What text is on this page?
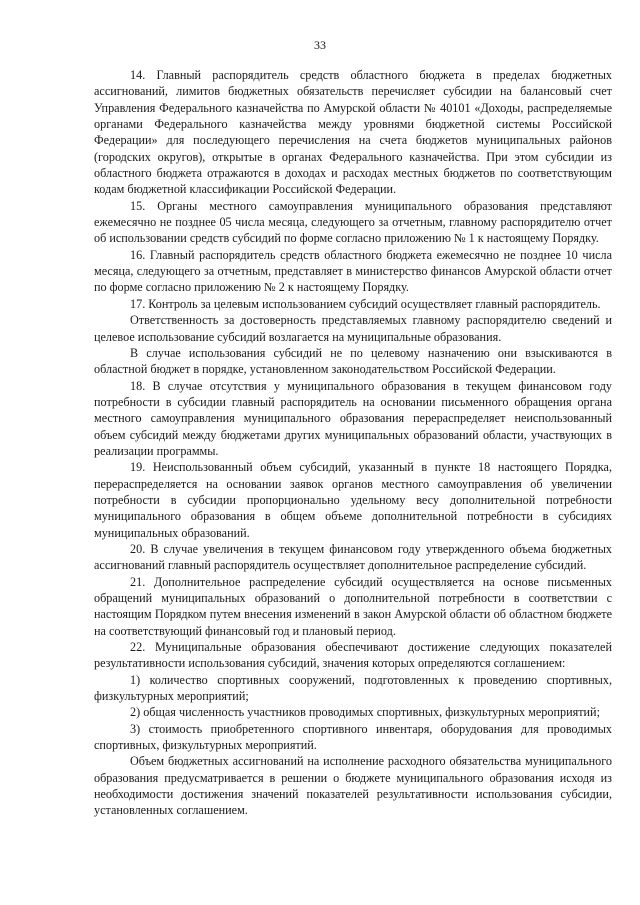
33

14. Главный распорядитель средств областного бюджета в пределах бюджетных ассигнований, лимитов бюджетных обязательств перечисляет субсидии на балансовый счет Управления Федерального казначейства по Амурской области № 40101 «Доходы, распределяемые органами Федерального казначейства между уровнями бюджетной системы Российской Федерации» для последующего перечисления на счета бюджетов муниципальных районов (городских округов), открытые в органах Федерального казначейства. При этом субсидии из областного бюджета отражаются в доходах и расходах местных бюджетов по соответствующим кодам бюджетной классификации Российской Федерации.

15. Органы местного самоуправления муниципального образования представляют ежемесячно не позднее 05 числа месяца, следующего за отчетным, главному распорядителю отчет об использовании средств субсидий по форме согласно приложению № 1 к настоящему Порядку.

16. Главный распорядитель средств областного бюджета ежемесячно не позднее 10 числа месяца, следующего за отчетным, представляет в министерство финансов Амурской области отчет по форме согласно приложению № 2 к настоящему Порядку.

17. Контроль за целевым использованием субсидий осуществляет главный распорядитель.

Ответственность за достоверность представляемых главному распорядителю сведений и целевое использование субсидий возлагается на муниципальные образования.

В случае использования субсидий не по целевому назначению они взыскиваются в областной бюджет в порядке, установленном законодательством Российской Федерации.

18. В случае отсутствия у муниципального образования в текущем финансовом году потребности в субсидии главный распорядитель на основании письменного обращения органа местного самоуправления муниципального образования перераспределяет неиспользованный объем субсидий между бюджетами других муниципальных образований области, участвующих в реализации программы.

19. Неиспользованный объем субсидий, указанный в пункте 18 настоящего Порядка, перераспределяется на основании заявок органов местного самоуправления об увеличении потребности в субсидии пропорционально удельному весу дополнительной потребности муниципального образования в общем объеме дополнительной потребности в субсидиях муниципальных образований.

20. В случае увеличения в текущем финансовом году утвержденного объема бюджетных ассигнований главный распорядитель осуществляет дополнительное распределение субсидий.

21. Дополнительное распределение субсидий осуществляется на основе письменных обращений муниципальных образований о дополнительной потребности в соответствии с настоящим Порядком путем внесения изменений в закон Амурской области об областном бюджете на соответствующий финансовый год и плановый период.

22. Муниципальные образования обеспечивают достижение следующих показателей результативности использования субсидий, значения которых определяются соглашением:

1) количество спортивных сооружений, подготовленных к проведению спортивных, физкультурных мероприятий;

2) общая численность участников проводимых спортивных, физкультурных мероприятий;

3) стоимость приобретенного спортивного инвентаря, оборудования для проводимых спортивных, физкультурных мероприятий.

Объем бюджетных ассигнований на исполнение расходного обязательства муниципального образования предусматривается в решении о бюджете муниципального образования исходя из необходимости достижения значений показателей результативности использования субсидии, установленных соглашением.
